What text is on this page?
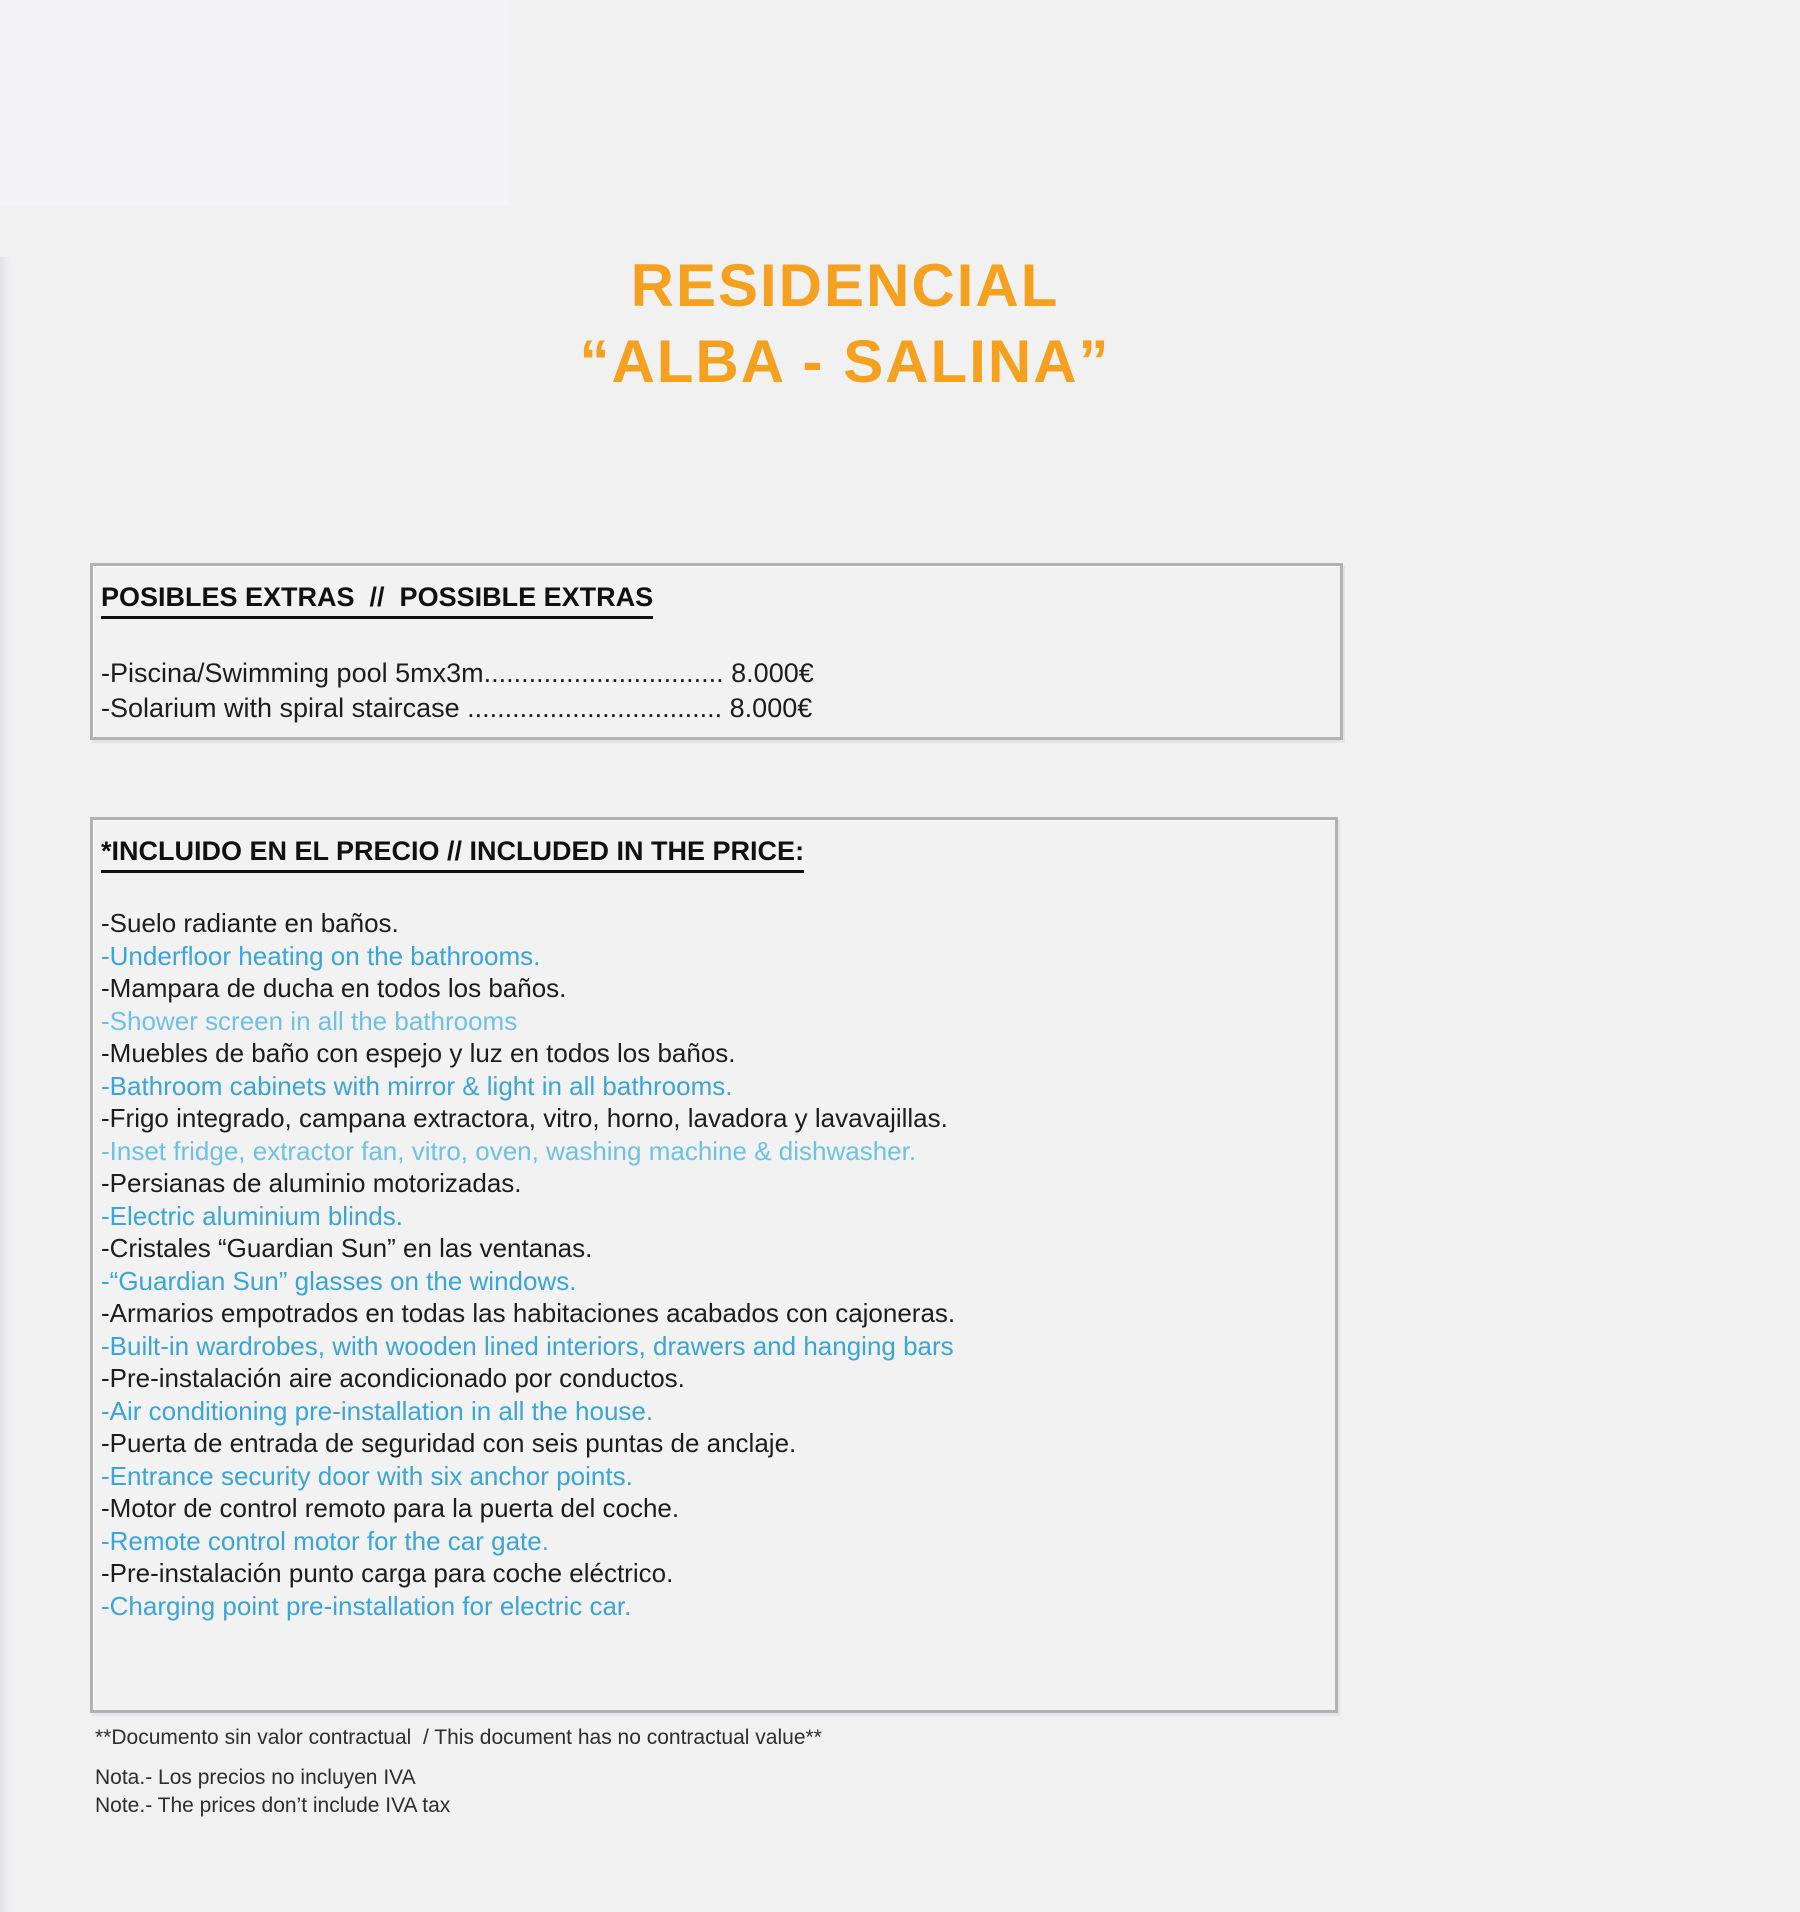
RESIDENCIAL
“ALBA - SALINA”
POSIBLES EXTRAS  //  POSSIBLE EXTRAS
-Piscina/Swimming pool 5mx3m................................ 8.000€
-Solarium with spiral staircase .................................. 8.000€
*INCLUIDO EN EL PRECIO // INCLUDED IN THE PRICE:
-Suelo radiante en baños.
-Underfloor heating on the bathrooms.
-Mampara de ducha en todos los baños.
-Shower screen in all the bathrooms
-Muebles de baño con espejo y luz en todos los baños.
-Bathroom cabinets with mirror & light in all bathrooms.
-Frigo integrado, campana extractora, vitro, horno, lavadora y lavavajillas.
-Inset fridge, extractor fan, vitro, oven, washing machine & dishwasher.
-Persianas de aluminio motorizadas.
-Electric aluminium blinds.
-Cristales “Guardian Sun” en las ventanas.
-“Guardian Sun” glasses on the windows.
-Armarios empotrados en todas las habitaciones acabados con cajoneras.
-Built-in wardrobes, with wooden lined interiors, drawers and hanging bars
-Pre-instalación aire acondicionado por conductos.
-Air conditioning pre-installation in all the house.
-Puerta de entrada de seguridad con seis puntas de anclaje.
-Entrance security door with six anchor points.
-Motor de control remoto para la puerta del coche.
-Remote control motor for the car gate.
-Pre-instalación punto carga para coche eléctrico.
-Charging point pre-installation for electric car.
**Documento sin valor contractual  / This document has no contractual value**
Nota.- Los precios no incluyen IVA
Note.- The prices don’t include IVA tax
